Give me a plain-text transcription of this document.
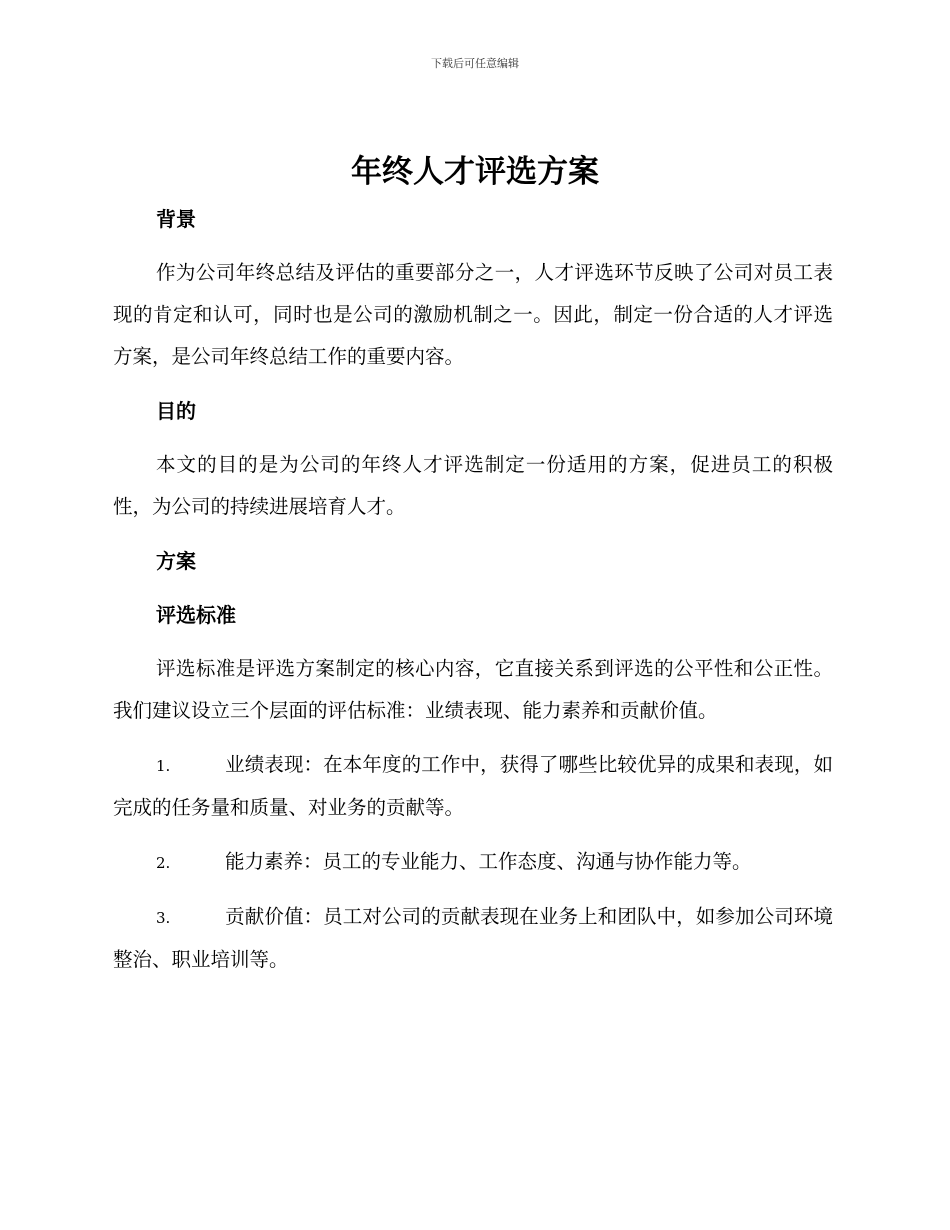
下载后可任意编辑
年终人才评选方案
背景
作为公司年终总结及评估的重要部分之一，人才评选环节反映了公司对员工表现的肯定和认可，同时也是公司的激励机制之一。因此，制定一份合适的人才评选方案，是公司年终总结工作的重要内容。
目的
本文的目的是为公司的年终人才评选制定一份适用的方案，促进员工的积极性，为公司的持续进展培育人才。
方案
评选标准
评选标准是评选方案制定的核心内容，它直接关系到评选的公平性和公正性。我们建议设立三个层面的评估标准：业绩表现、能力素养和贡献价值。
1.	业绩表现：在本年度的工作中，获得了哪些比较优异的成果和表现，如完成的任务量和质量、对业务的贡献等。
2.	能力素养：员工的专业能力、工作态度、沟通与协作能力等。
3.	贡献价值：员工对公司的贡献表现在业务上和团队中，如参加公司环境整治、职业培训等。
